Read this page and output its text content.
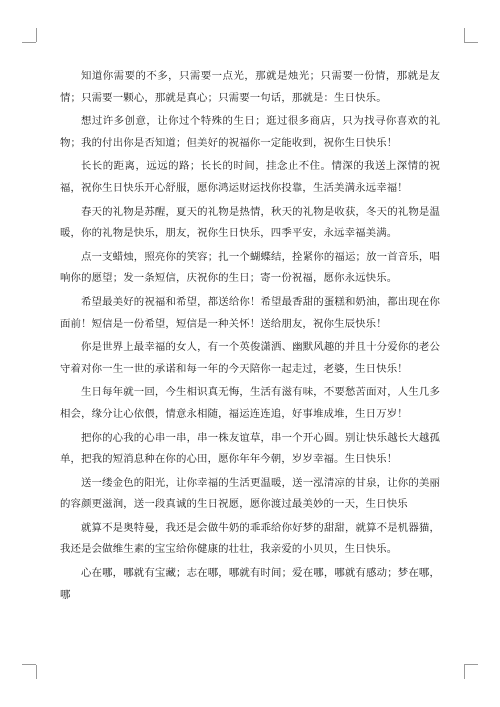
知道你需要的不多，只需要一点光，那就是烛光；只需要一份情，那就是友情；只需要一颗心，那就是真心；只需要一句话，那就是：生日快乐。

想过许多创意，让你过个特殊的生日；逛过很多商店，只为找寻你喜欢的礼物；我的付出你是否知道；但美好的祝福你一定能收到，祝你生日快乐！

长长的距离，远远的路；长长的时间，挂念止不住。情深的我送上深情的祝福，祝你生日快乐开心舒服，愿你鸿运财运找你投靠，生活美满永远幸福！

春天的礼物是苏醒，夏天的礼物是热情，秋天的礼物是收获，冬天的礼物是温暖，你的礼物是快乐，朋友，祝你生日快乐，四季平安，永远幸福美满。

点一支蜡烛，照亮你的笑容；扎一个蝴蝶结，拴紧你的福运；放一首音乐，唱响你的愿望；发一条短信，庆祝你的生日；寄一份祝福，愿你永远快乐。

希望最美好的祝福和希望，都送给你！希望最香甜的蛋糕和奶油，都出现在你面前！短信是一份希望，短信是一种关怀！送给朋友，祝你生辰快乐！

你是世界上最幸福的女人，有一个英俊潇洒、幽默风趣的并且十分爱你的老公守着对你一生一世的承诺和每一年的今天陪你一起走过，老婆，生日快乐！

生日每年就一回，今生相识真无悔，生活有滋有味，不要愁苦面对，人生几多相会，缘分让心依偎，情意永相随，福运连连追，好事堆成堆，生日万岁！

把你的心我的心串一串，串一株友谊草，串一个开心圆。别让快乐越长大越孤单，把我的短消息种在你的心田，愿你年年今朝，岁岁幸福。生日快乐！

送一缕金色的阳光，让你幸福的生活更温暖，送一泓清凉的甘泉，让你的美丽的容颜更滋润，送一段真诚的生日祝愿，愿你渡过最美妙的一天，生日快乐

就算不是奥特曼，我还是会做牛奶的乖乖给你好梦的甜甜，就算不是机器猫，我还是会做维生素的宝宝给你健康的壮壮，我亲爱的小贝贝，生日快乐。

心在哪，哪就有宝藏；志在哪，哪就有时间；爱在哪，哪就有感动；梦在哪，哪
